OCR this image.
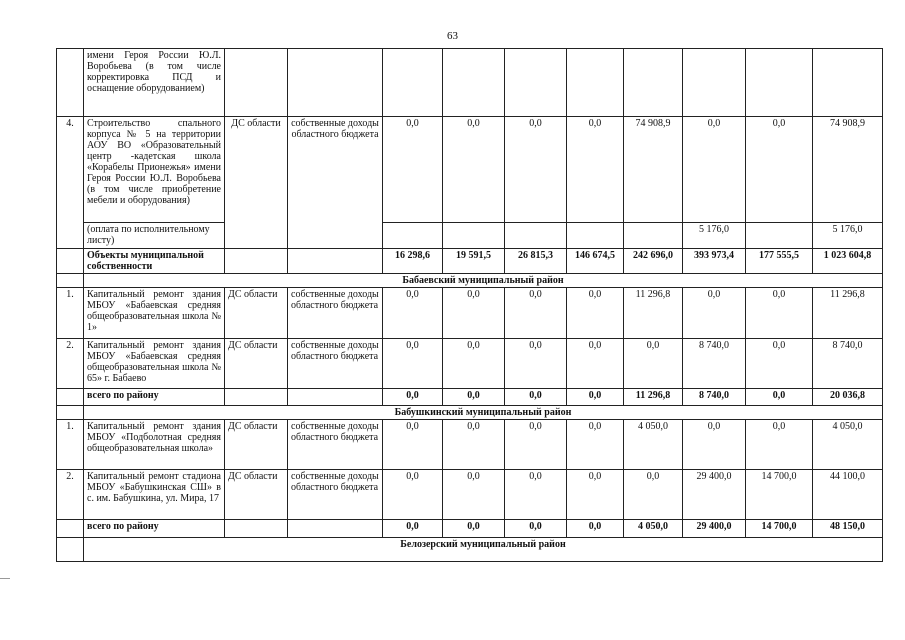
63
	имени Героя России Ю.Л. Воробьева (в том числе корректировка ПСД и оснащение оборудованием)										
4.	Строительство спального корпуса № 5 на территории АОУ ВО «Образовательный центр -кадетская школа «Корабелы Прионежья» имени Героя России Ю.Л. Воробьева (в том числе приобретение мебели и оборудования)	ДС области	собственные доходы областного бюджета	0,0	0,0	0,0	0,0	74 908,9	0,0	0,0	74 908,9
	(оплата по исполнительному листу)								5 176,0		5 176,0
	Объекты муниципальной собственности			16 298,6	19 591,5	26 815,3	146 674,5	242 696,0	393 973,4	177 555,5	1 023 604,8
	Бабаевский муниципальный район										
1.	Капитальный ремонт здания МБОУ «Бабаевская средняя общеобразовательная школа № 1»	ДС области	собственные доходы областного бюджета	0,0	0,0	0,0	0,0	11 296,8	0,0	0,0	11 296,8
2.	Капитальный ремонт здания МБОУ «Бабаевская средняя общеобразовательная школа № 65» г. Бабаево	ДС области	собственные доходы областного бюджета	0,0	0,0	0,0	0,0	0,0	8 740,0	0,0	8 740,0
	всего по району			0,0	0,0	0,0	0,0	11 296,8	8 740,0	0,0	20 036,8
	Бабушкинский муниципальный район										
1.	Капитальный ремонт здания МБОУ «Подболотная средняя общеобразовательная школа»	ДС области	собственные доходы областного бюджета	0,0	0,0	0,0	0,0	4 050,0	0,0	0,0	4 050,0
2.	Капитальный ремонт стадиона МБОУ «Бабушкинская СШ» в с. им. Бабушкина, ул. Мира, 17	ДС области	собственные доходы областного бюджета	0,0	0,0	0,0	0,0	0,0	29 400,0	14 700,0	44 100,0
	всего по району			0,0	0,0	0,0	0,0	4 050,0	29 400,0	14 700,0	48 150,0
	Белозерский муниципальный район										
